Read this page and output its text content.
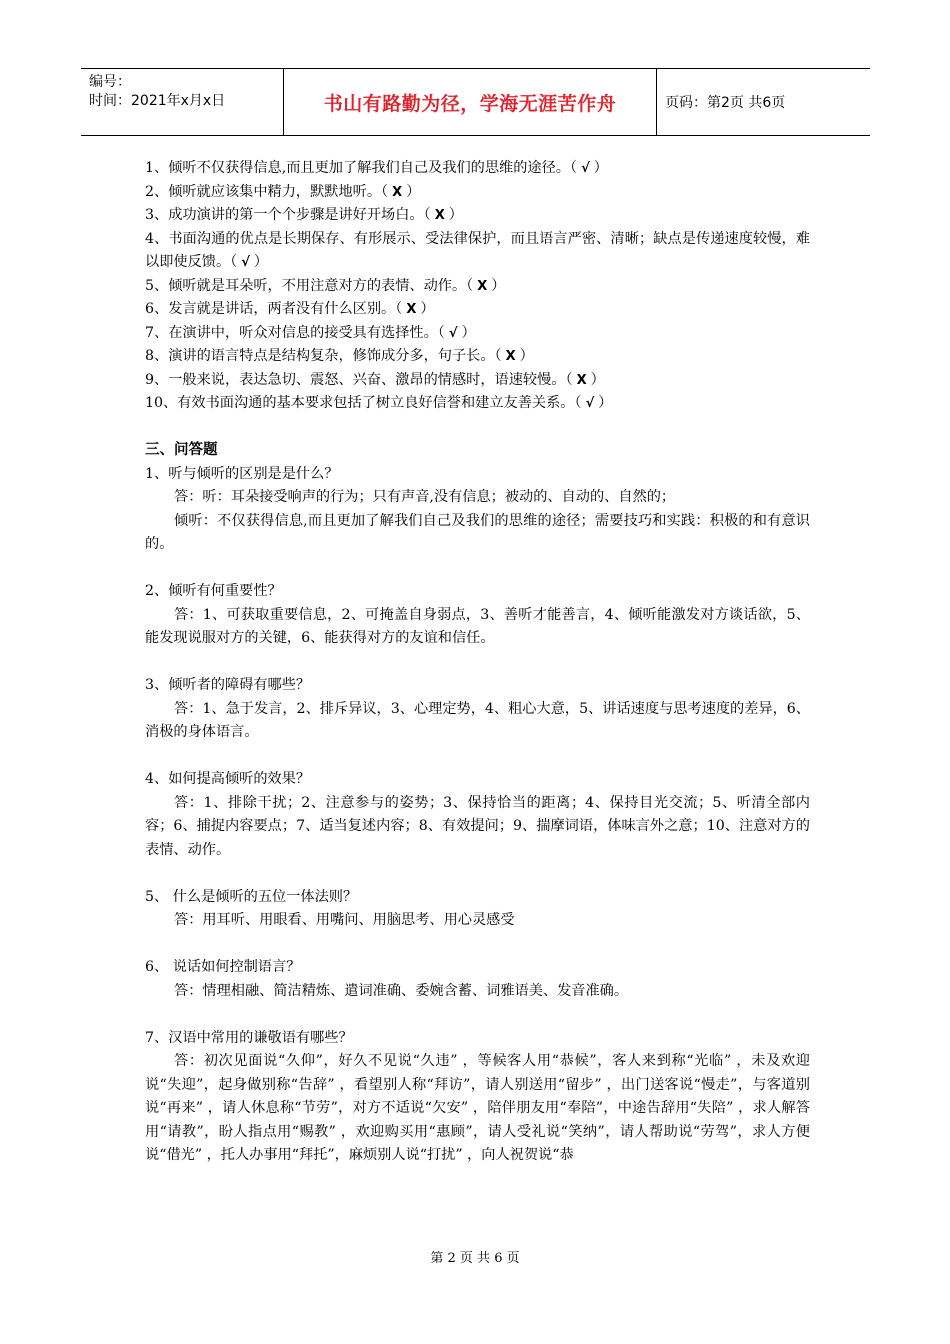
编号：
时间：2021年x月x日	书山有路勤为径，学海无涯苦作舟	页码：第2页 共6页
1、倾听不仅获得信息,而且更加了解我们自己及我们的思维的途径。（ √ ）
2、倾听就应该集中精力，默默地听。（ X ）
3、成功演讲的第一个个步骤是讲好开场白。（ X ）
4、书面沟通的优点是长期保存、有形展示、受法律保护，而且语言严密、清晰；缺点是传递速度较慢，难以即使反馈。（ √ ）
5、倾听就是耳朵听，不用注意对方的表情、动作。（ X ）
6、发言就是讲话，两者没有什么区别。（ X ）
7、在演讲中，听众对信息的接受具有选择性。（ √ ）
8、演讲的语言特点是结构复杂，修饰成分多，句子长。（ X ）
9、一般来说，表达急切、震怒、兴奋、激昂的情感时，语速较慢。（ X ）
10、有效书面沟通的基本要求包括了树立良好信誉和建立友善关系。（ √ ）
三、问答题
1、听与倾听的区别是是什么？
答：听：耳朵接受响声的行为；只有声音,没有信息；被动的、自动的、自然的；
倾听：不仅获得信息,而且更加了解我们自己及我们的思维的途径；需要技巧和实践：积极的和有意识的。
2、倾听有何重要性？
答：1、可获取重要信息，2、可掩盖自身弱点，3、善听才能善言，4、倾听能激发对方谈话欲，5、能发现说服对方的关键，6、能获得对方的友谊和信任。
3、倾听者的障碍有哪些？
答：1、急于发言，2、排斥异议，3、心理定势，4、粗心大意，5、讲话速度与思考速度的差异，6、消极的身体语言。
4、如何提高倾听的效果？
答：1、排除干扰；2、注意参与的姿势；3、保持恰当的距离；4、保持目光交流；5、听清全部内容；6、捕捉内容要点；7、适当复述内容；8、有效提问；9、揣摩词语，体味言外之意；10、注意对方的表情、动作。
5、 什么是倾听的五位一体法则？
答：用耳听、用眼看、用嘴问、用脑思考、用心灵感受
6、 说话如何控制语言？
答：情理相融、简洁精炼、遣词准确、委婉含蓄、词雅语美、发音准确。
7、汉语中常用的谦敬语有哪些？
答：初次见面说“久仰”，好久不见说“久违” ，等候客人用“恭候”，客人来到称“光临” ，未及欢迎说“失迎”，起身做别称“告辞” ，看望别人称“拜访”，请人别送用“留步” ，出门送客说“慢走”，与客道别说“再来” ，请人休息称“节劳”，对方不适说“欠安” ，陪伴朋友用“奉陪”，中途告辞用“失陪” ，求人解答用“请教”，盼人指点用“赐教” ，欢迎购买用“惠顾”，请人受礼说“笑纳”，请人帮助说“劳驾”，求人方便说“借光” ，托人办事用“拜托”，麻烦别人说“打扰” ，向人祝贺说“恭
第 2 页 共 6 页
